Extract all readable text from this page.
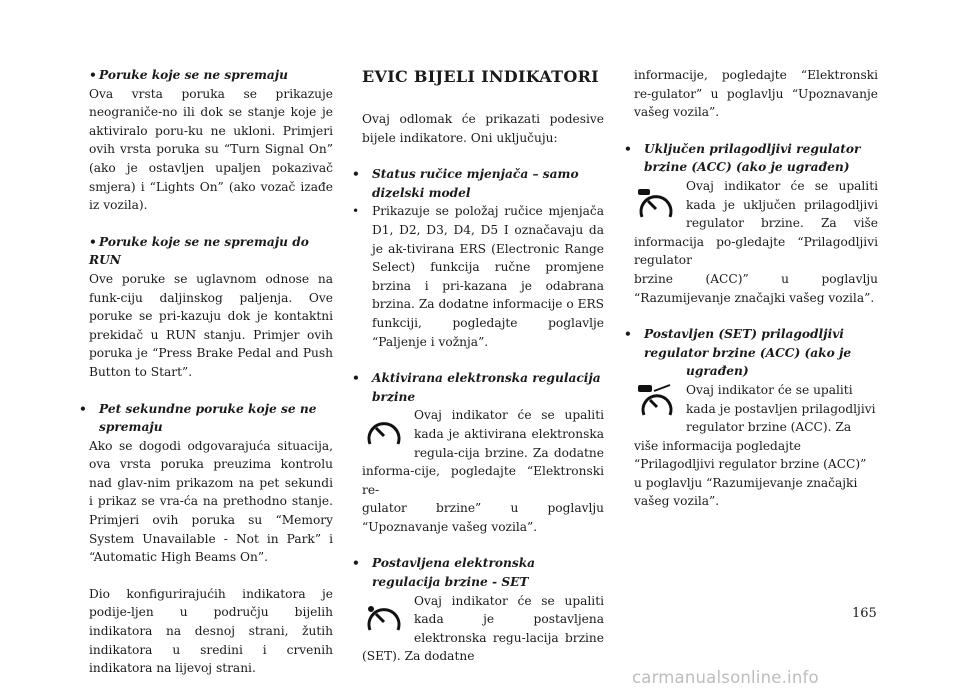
• Poruke koje se ne spremaju

Ova vrsta poruka se prikazuje neograniče-no ili dok se stanje koje je aktiviralo poru-ku ne ukloni. Primjeri ovih vrsta poruka su “Turn Signal On” (ako je ostavljen upaljen pokazivač smjera) i “Lights On” (ako vozač izađe iz vozila).

• Poruke koje se ne spremaju do RUN

Ove poruke se uglavnom odnose na funk-ciju daljinskog paljenja. Ove poruke se pri-kazuju dok je kontaktni prekidač u RUN stanju. Primjer ovih poruka je “Press Brake Pedal and Push Button to Start”.

• Pet sekundne poruke koje se ne spremaju

Ako se dogodi odgovarajuća situacija, ova vrsta poruka preuzima kontrolu nad glav-nim prikazom na pet sekundi i prikaz se vra-ća na prethodno stanje. Primjeri ovih poruka su “Memory System Unavailable - Not in Park” i “Automatic High Beams On”.

Dio konfigurirajućih indikatora je podije-ljen u području bijelih indikatora na desnoj strani, žutih indikatora u sredini i crvenih indikatora na lijevoj strani.

EVIC BIJELI INDIKATORI

Ovaj odlomak će prikazati podesive bijele indikatore. Oni uključuju:

• Status ručice mjenjača – samo dizelski model
• Prikazuje se položaj ručice mjenjača D1, D2, D3, D4, D5 I označavaju da je ak-tivirana ERS (Electronic Range Select) funkcija ručne promjene brzina i pri-kazana je odabrana brzina. Za dodatne informacije o ERS funkciji, pogledajte poglavlje “Paljenje i vožnja”.
• Aktivirana elektronska regulacija brzine
Ovaj indikator će se upaliti kada je aktivirana elektronska regula-cija brzine. Za dodatne informa-cije, pogledajte “Elektronski re-

gulator brzine” u poglavlju “Upoznavanje vašeg vozila”.

• Postavljena elektronska regulacija brzine - SET
Ovaj indikator će se upaliti kada je postavljena elektronska regu-lacija brzine (SET). Za dodatne

informacije, pogledajte “Elektronski re-gulator” u poglavlju “Upoznavanje vašeg vozila”.

• Uključen prilagodljivi regulator brzine (ACC) (ako je ugrađen)
Ovaj indikator će se upaliti kada je uključen prilagodljivi regulator brzine. Za više informacija po-gledajte “Prilagodljivi regulator

brzine (ACC)” u poglavlju “Razumijevanje značajki vašeg vozila”.

• Postavljen (SET) prilagodljivi regulator brzine (ACC) (ako je
ugrađen)
Ovaj indikator će se upaliti kada je postavljen prilagodljivi regulator brzine (ACC). Za

više informacija pogledajte “Prilagodljivi regulator brzine (ACC)” u poglavlju “Razumijevanje značajki vašeg vozila”.

165
carmanualsonline.info
